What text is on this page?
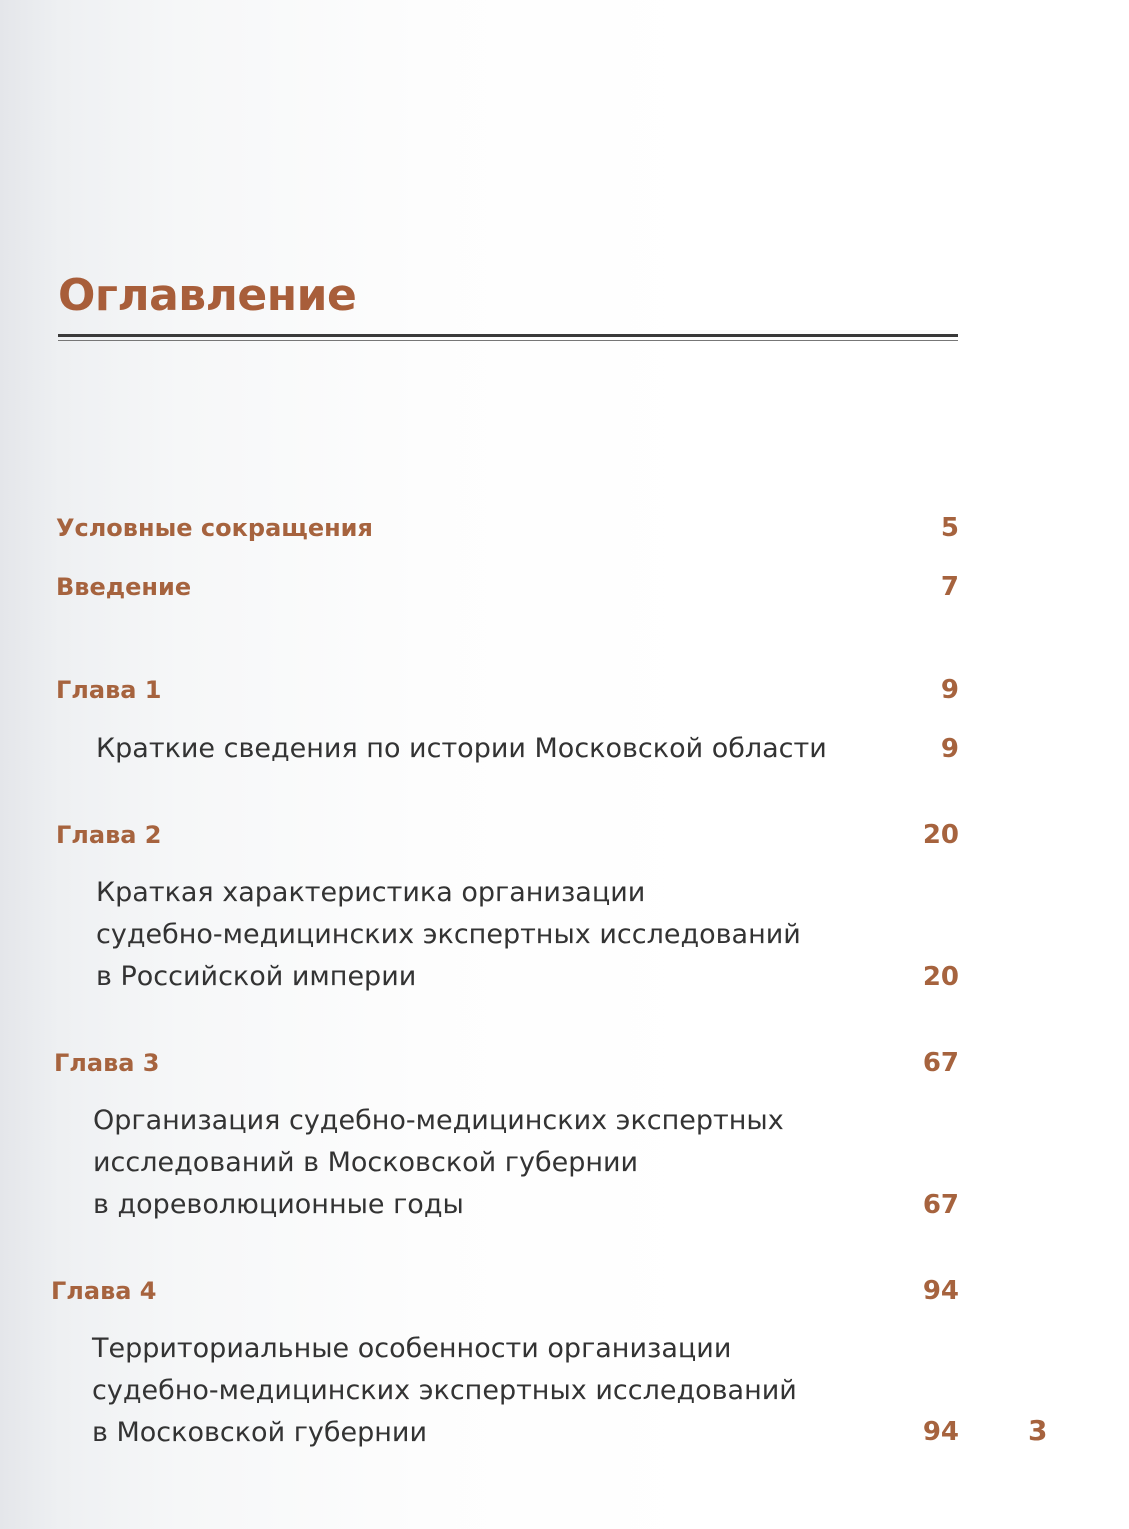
Оглавление
Условные сокращения	5
Введение	7
Глава 1	9
Краткие сведения по истории Московской области	9
Глава 2	20
Краткая характеристика организации
судебно-медицинских экспертных исследований
в Российской империи	20
Глава 3	67
Организация судебно-медицинских экспертных
исследований в Московской губернии
в дореволюционные годы	67
Глава 4	94
Территориальные особенности организации
судебно-медицинских экспертных исследований
в Московской губернии	94 3
